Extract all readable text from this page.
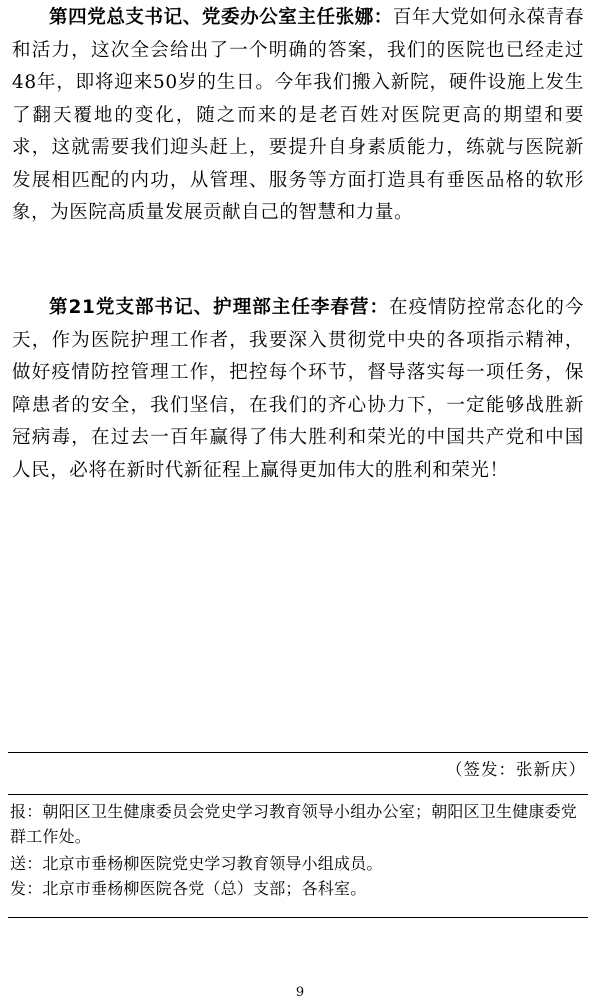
第四党总支书记、党委办公室主任张娜：百年大党如何永葆青春和活力，这次全会给出了一个明确的答案，我们的医院也已经走过48年，即将迎来50岁的生日。今年我们搬入新院，硬件设施上发生了翻天覆地的变化，随之而来的是老百姓对医院更高的期望和要求，这就需要我们迎头赶上，要提升自身素质能力，练就与医院新发展相匹配的内功，从管理、服务等方面打造具有垂医品格的软形象，为医院高质量发展贡献自己的智慧和力量。

第21党支部书记、护理部主任李春营：在疫情防控常态化的今天，作为医院护理工作者，我要深入贯彻党中央的各项指示精神，做好疫情防控管理工作，把控每个环节，督导落实每一项任务，保障患者的安全，我们坚信，在我们的齐心协力下，一定能够战胜新冠病毒，在过去一百年赢得了伟大胜利和荣光的中国共产党和中国人民，必将在新时代新征程上赢得更加伟大的胜利和荣光！

（签发：张新庆）
报：朝阳区卫生健康委员会党史学习教育领导小组办公室；朝阳区卫生健康委党群工作处。
送：北京市垂杨柳医院党史学习教育领导小组成员。
发：北京市垂杨柳医院各党（总）支部；各科室。
9
